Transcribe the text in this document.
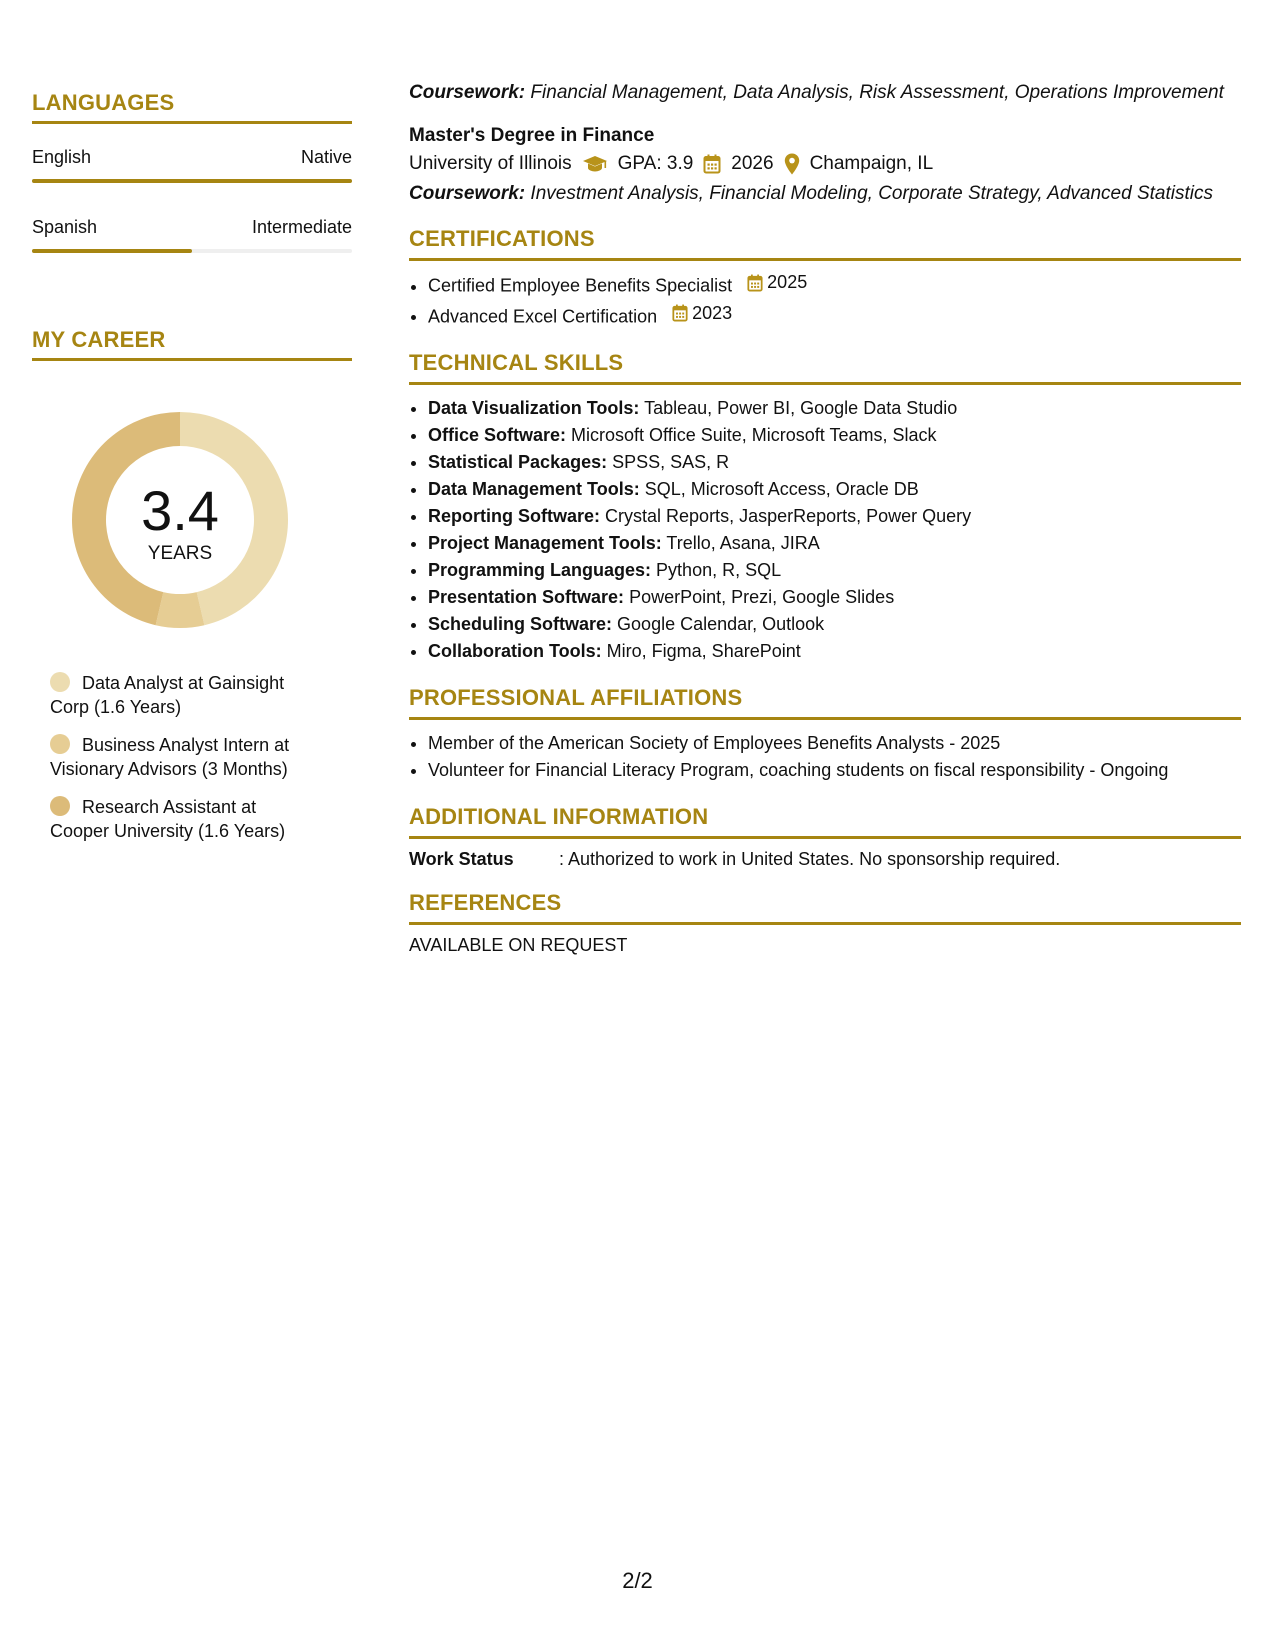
LANGUAGES
English	Native
Spanish	Intermediate
MY CAREER
3.4
YEARS
Data Analyst at Gainsight Corp (1.6 Years)
Business Analyst Intern at Visionary Advisors (3 Months)
Research Assistant at Cooper University (1.6 Years)
Coursework: Financial Management, Data Analysis, Risk Assessment, Operations Improvement
Master's Degree in Finance
University of Illinois GPA: 3.9 2026 Champaign, IL
Coursework: Investment Analysis, Financial Modeling, Corporate Strategy, Advanced Statistics
CERTIFICATIONS
• Certified Employee Benefits Specialist 2025
• Advanced Excel Certification 2023
TECHNICAL SKILLS
• Data Visualization Tools: Tableau, Power BI, Google Data Studio
• Office Software: Microsoft Office Suite, Microsoft Teams, Slack
• Statistical Packages: SPSS, SAS, R
• Data Management Tools: SQL, Microsoft Access, Oracle DB
• Reporting Software: Crystal Reports, JasperReports, Power Query
• Project Management Tools: Trello, Asana, JIRA
• Programming Languages: Python, R, SQL
• Presentation Software: PowerPoint, Prezi, Google Slides
• Scheduling Software: Google Calendar, Outlook
• Collaboration Tools: Miro, Figma, SharePoint
PROFESSIONAL AFFILIATIONS
• Member of the American Society of Employees Benefits Analysts - 2025
• Volunteer for Financial Literacy Program, coaching students on fiscal responsibility - Ongoing
ADDITIONAL INFORMATION
Work Status	: Authorized to work in United States. No sponsorship required.
REFERENCES
AVAILABLE ON REQUEST
2/2
